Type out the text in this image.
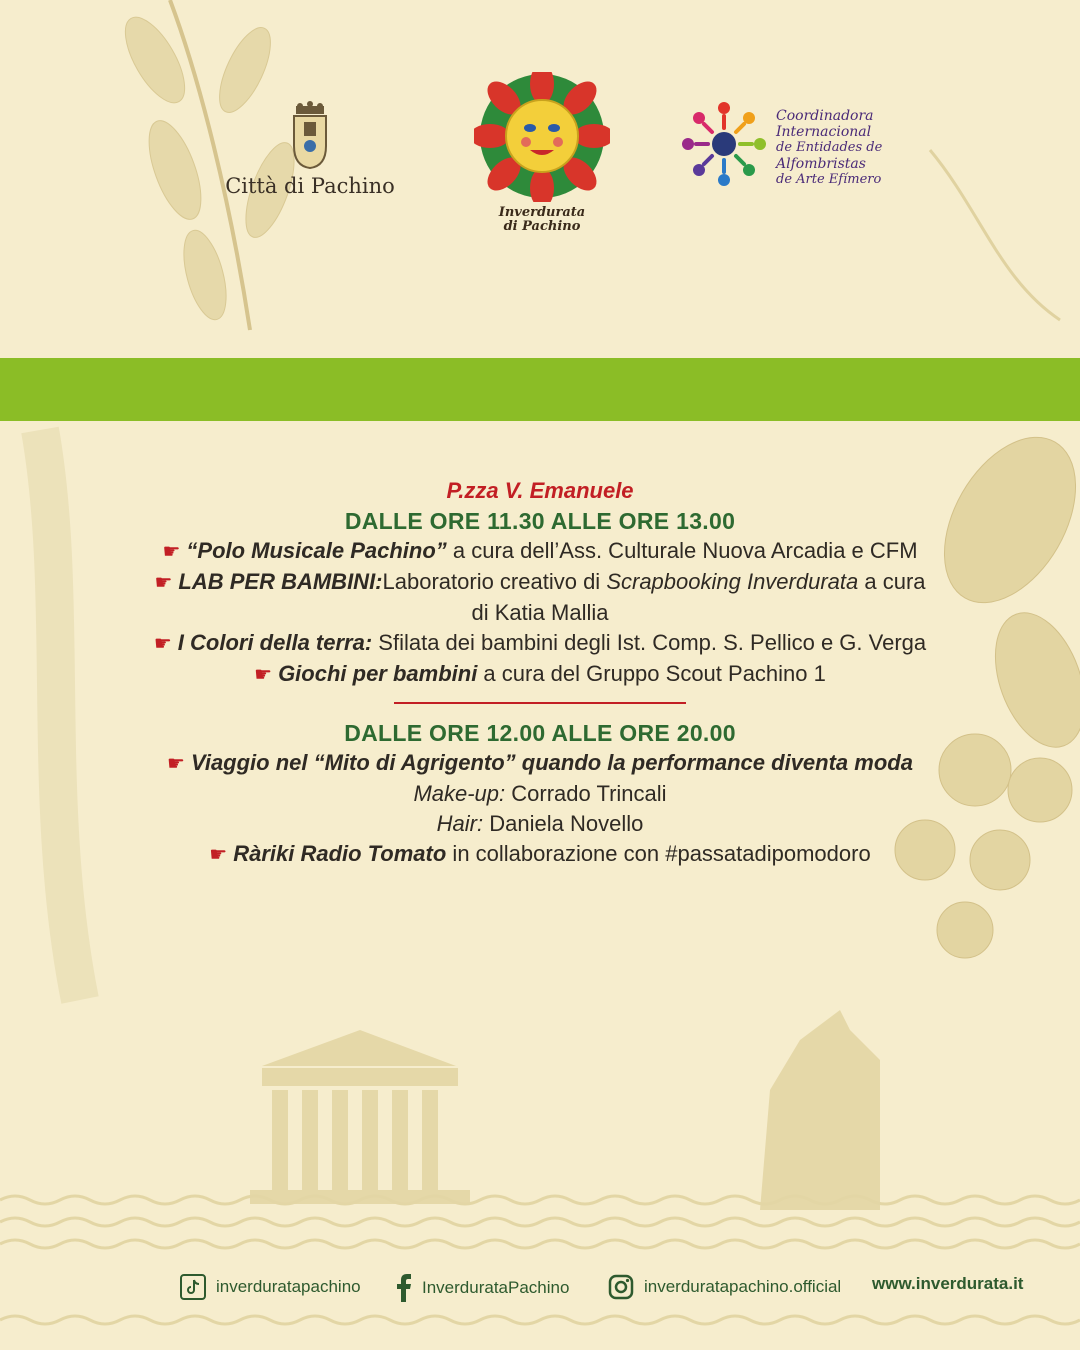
Città di Pachino
Inverdurata
di Pachino
Coordinadora
Internacional
de Entidades de
Alfombristas
de Arte Efímero
P.zza V. Emanuele
DALLE ORE 11.30 ALLE ORE 13.00
☛ “Polo Musicale Pachino” a cura dell’Ass. Culturale Nuova Arcadia e CFM
☛ LAB PER BAMBINI:Laboratorio creativo di Scrapbooking Inverdurata a cura di Katia Mallia
☛ I Colori della terra: Sfilata dei bambini degli Ist. Comp. S. Pellico e G. Verga
☛ Giochi per bambini a cura del Gruppo Scout Pachino 1
DALLE ORE 12.00 ALLE ORE 20.00
☛ Viaggio nel “Mito di Agrigento” quando la performance diventa moda
Make-up: Corrado Trincali
Hair: Daniela Novello
☛ Ràriki Radio Tomato in collaborazione con #passatadipomodoro
inverdurata​pachino	InverdurataPachino	inverdurata​pachino.official www.inverdurata.it
